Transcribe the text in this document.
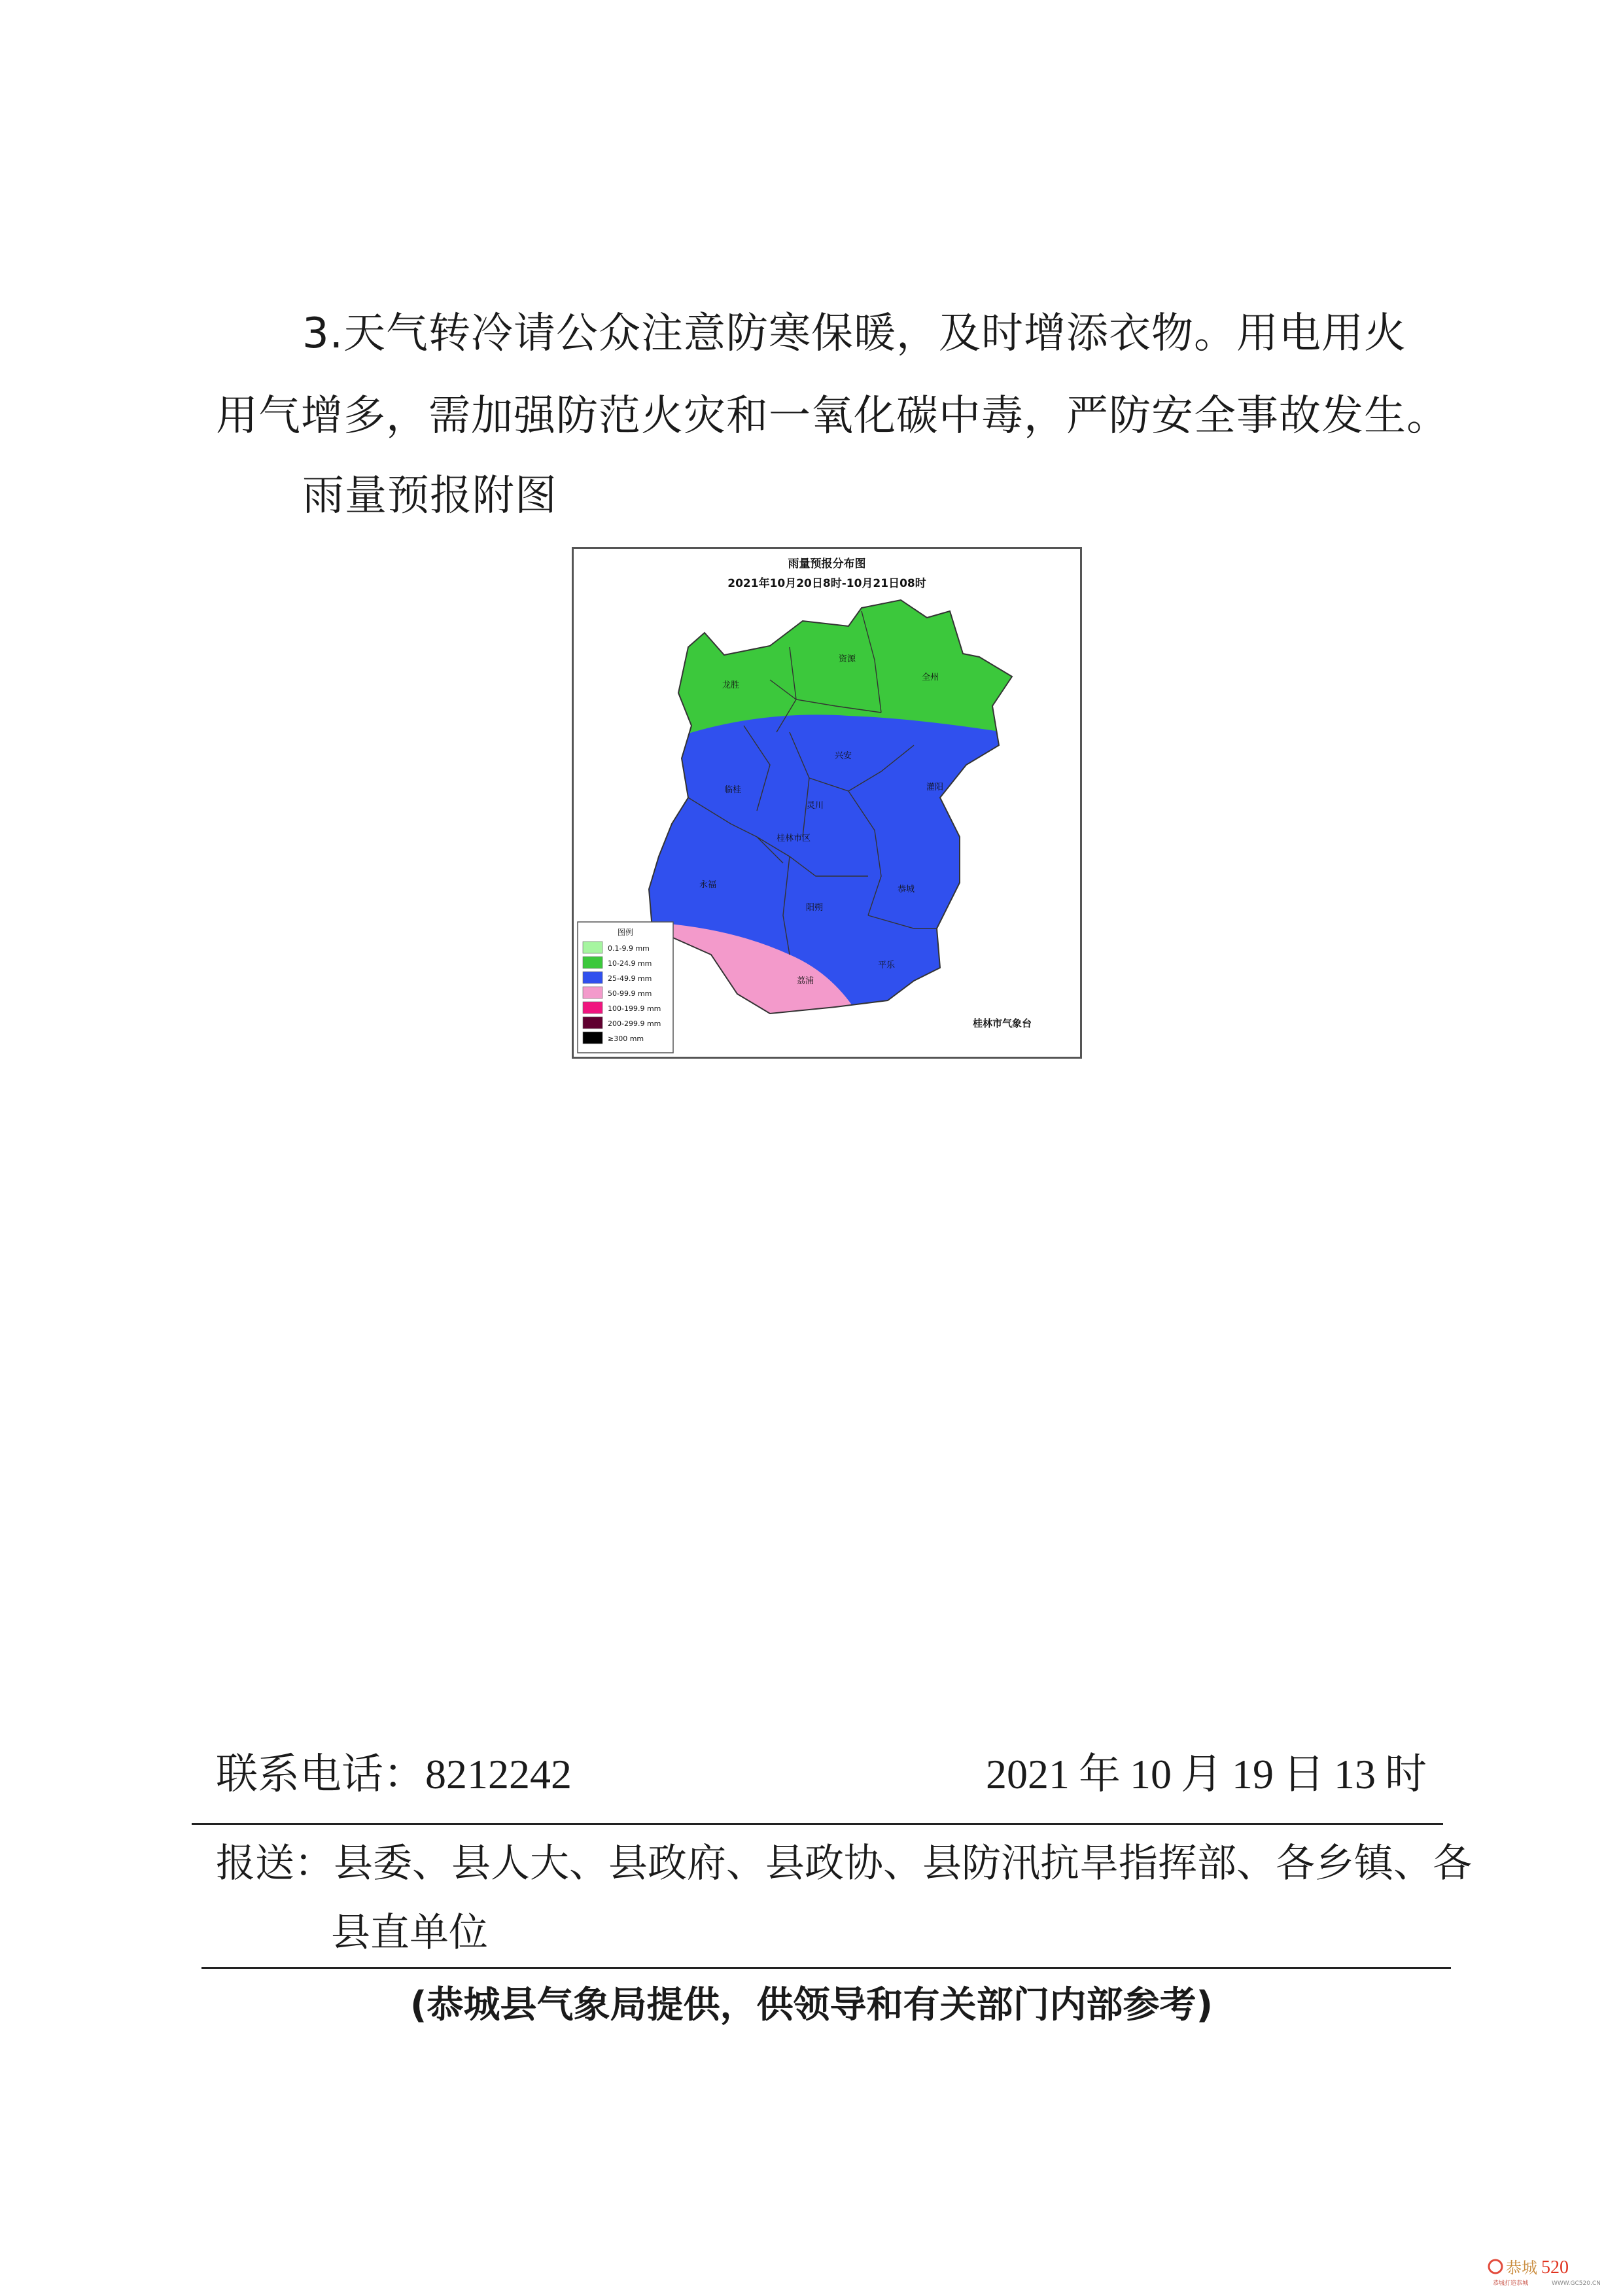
3.天气转冷请公众注意防寒保暖，及时增添衣物。用电用火
用气增多，需加强防范火灾和一氧化碳中毒，严防安全事故发生。
雨量预报附图
雨量预报分布图
2021年10月20日8时-10月21日08时
龙胜
资源
全州
兴安
灌阳
临桂
灵川
桂林市区
永福
阳朔
恭城
平乐
荔浦
图例
0.1-9.9 mm
10-24.9 mm
25-49.9 mm
50-99.9 mm
100-199.9 mm
200-299.9 mm
≥300 mm
桂林市气象台
联系电话：8212242	2021 年 10 月 19 日 13 时
报送：县委、县人大、县政府、县政协、县防汛抗旱指挥部、各乡镇、各
县直单位
(恭城县气象局提供，供领导和有关部门内部参考)
恭城 520
恭城打造恭城	WWW.GC520.CN
